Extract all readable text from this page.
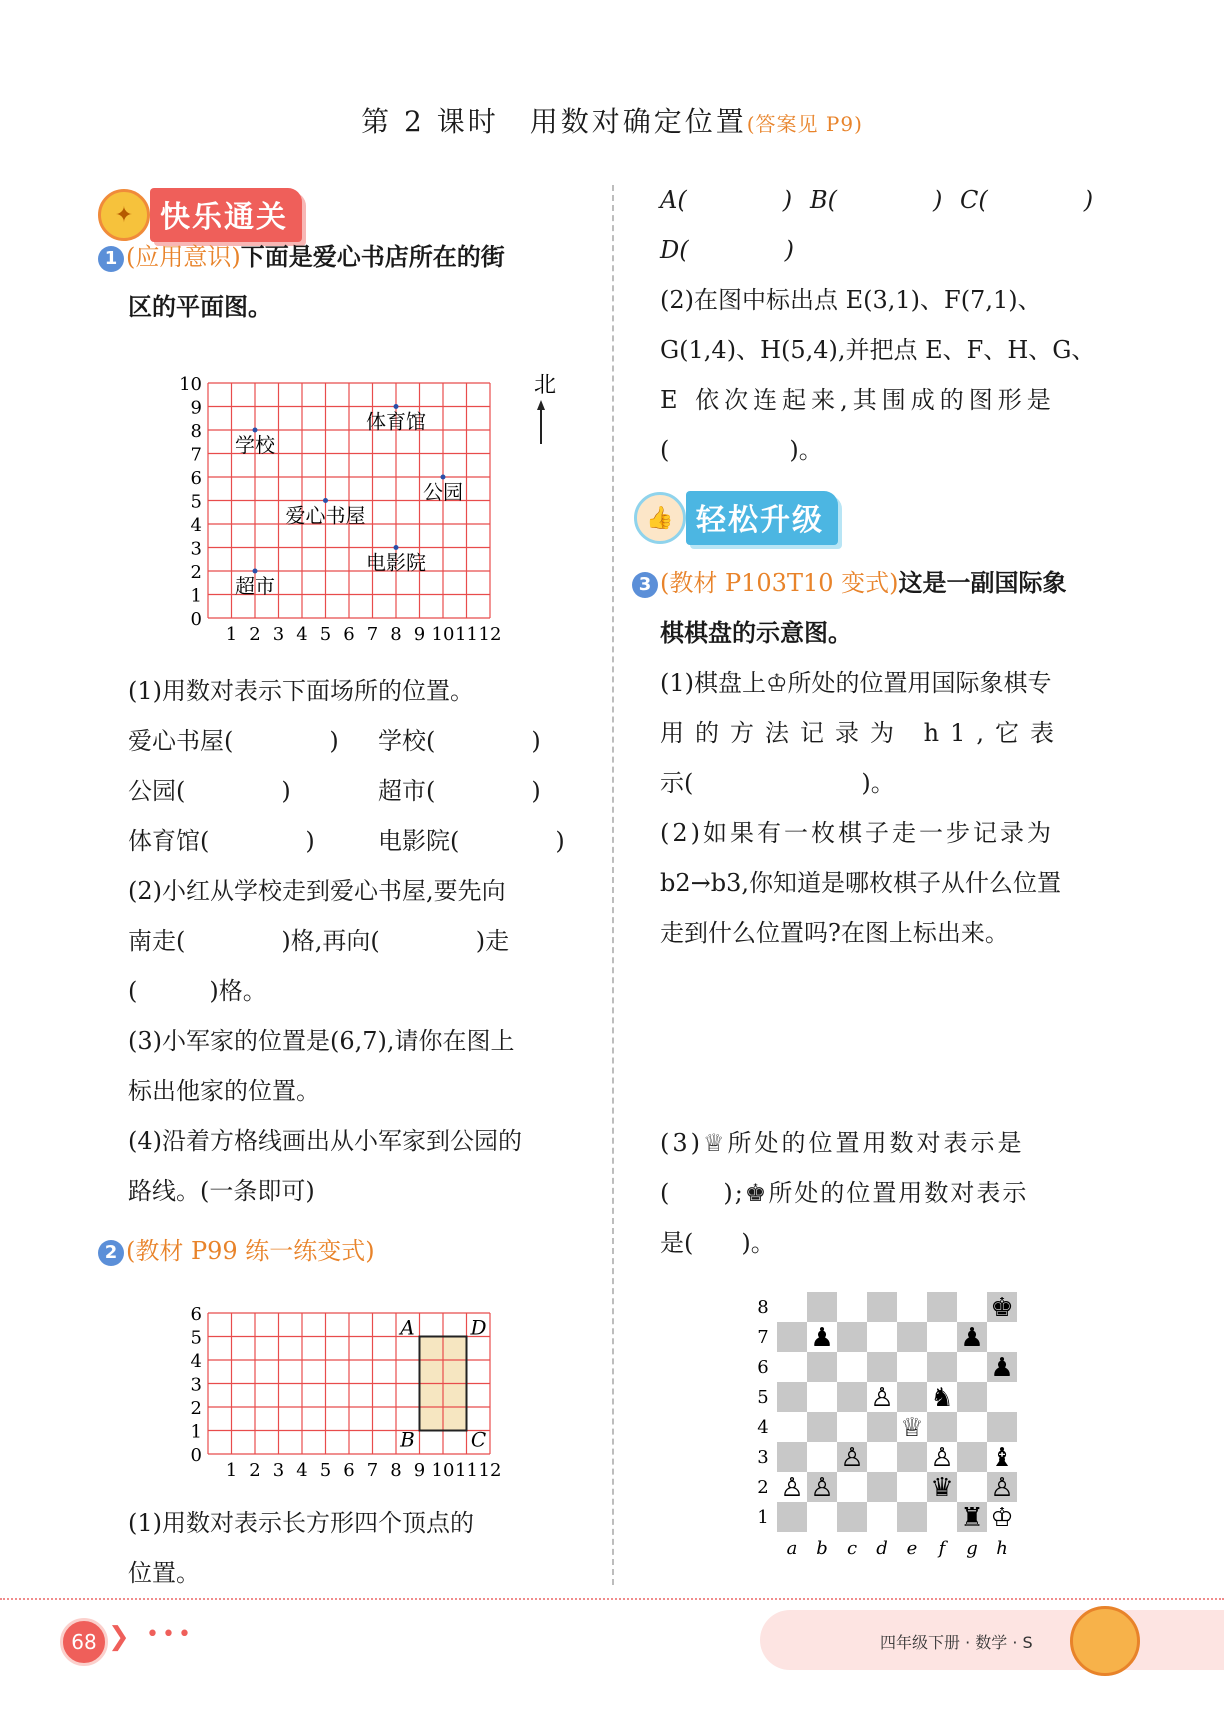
第 2 课时　用数对确定位置(答案见 P9)
✦ 快乐通关
1 (应用意识)下面是爱心书店所在的街
区的平面图。
1 2 3 4 5 6 7 8 9 10 11 12
0
1
2
3
4
5
6
7
8
9
10
学校
体育馆
公园
爱心书屋
电影院
超市
北
(1)用数对表示下面场所的位置。
爱心书屋(　　　　) 学校(　　　　)
公园(　　　　)	超市(　　　　)
体育馆(　　　　)	电影院(　　　　)
(2)小红从学校走到爱心书屋,要先向
南走(　　　　)格,再向(　　　　)走
(　　　)格。
(3)小军家的位置是(6,7),请你在图上
标出他家的位置。
(4)沿着方格线画出从小军家到公园的
路线。(一条即可)
2 (教材 P99 练一练变式)
1 2 3 4 5 6 7 8 9 10 11 12
0
1
2
3
4
5
6
A	D
B	C
(1)用数对表示长方形四个顶点的
位置。
A(　　　　) B(　　　　) C(　　　　)
D(　　　　)
(2)在图中标出点 E(3,1)、F(7,1)、
G(1,4)、H(5,4),并把点 E、F、H、G、
E 依次连起来,其围成的图形是
(　　　　　)。
👍 轻松升级
3 (教材 P103T10 变式)这是一副国际象
棋棋盘的示意图。
(1)棋盘上♔所处的位置用国际象棋专
用的方法记录为 h1,它表
示(　　　　　　　)。
(2)如果有一枚棋子走一步记录为
b2→b3,你知道是哪枚棋子从什么位置
走到什么位置吗?在图上标出来。
(3)♕所处的位置用数对表示是
(　　);♚所处的位置用数对表示
是(　　)。
8
7
6
5
4
3
2
1
a b c d e f g h
♚
♟	♟
♟
♙ ♞
♕
♙	♙ ♝
♙ ♙	♛ ♙
♜ ♔
68 ❯ •••	四年级下册 · 数学 · S
